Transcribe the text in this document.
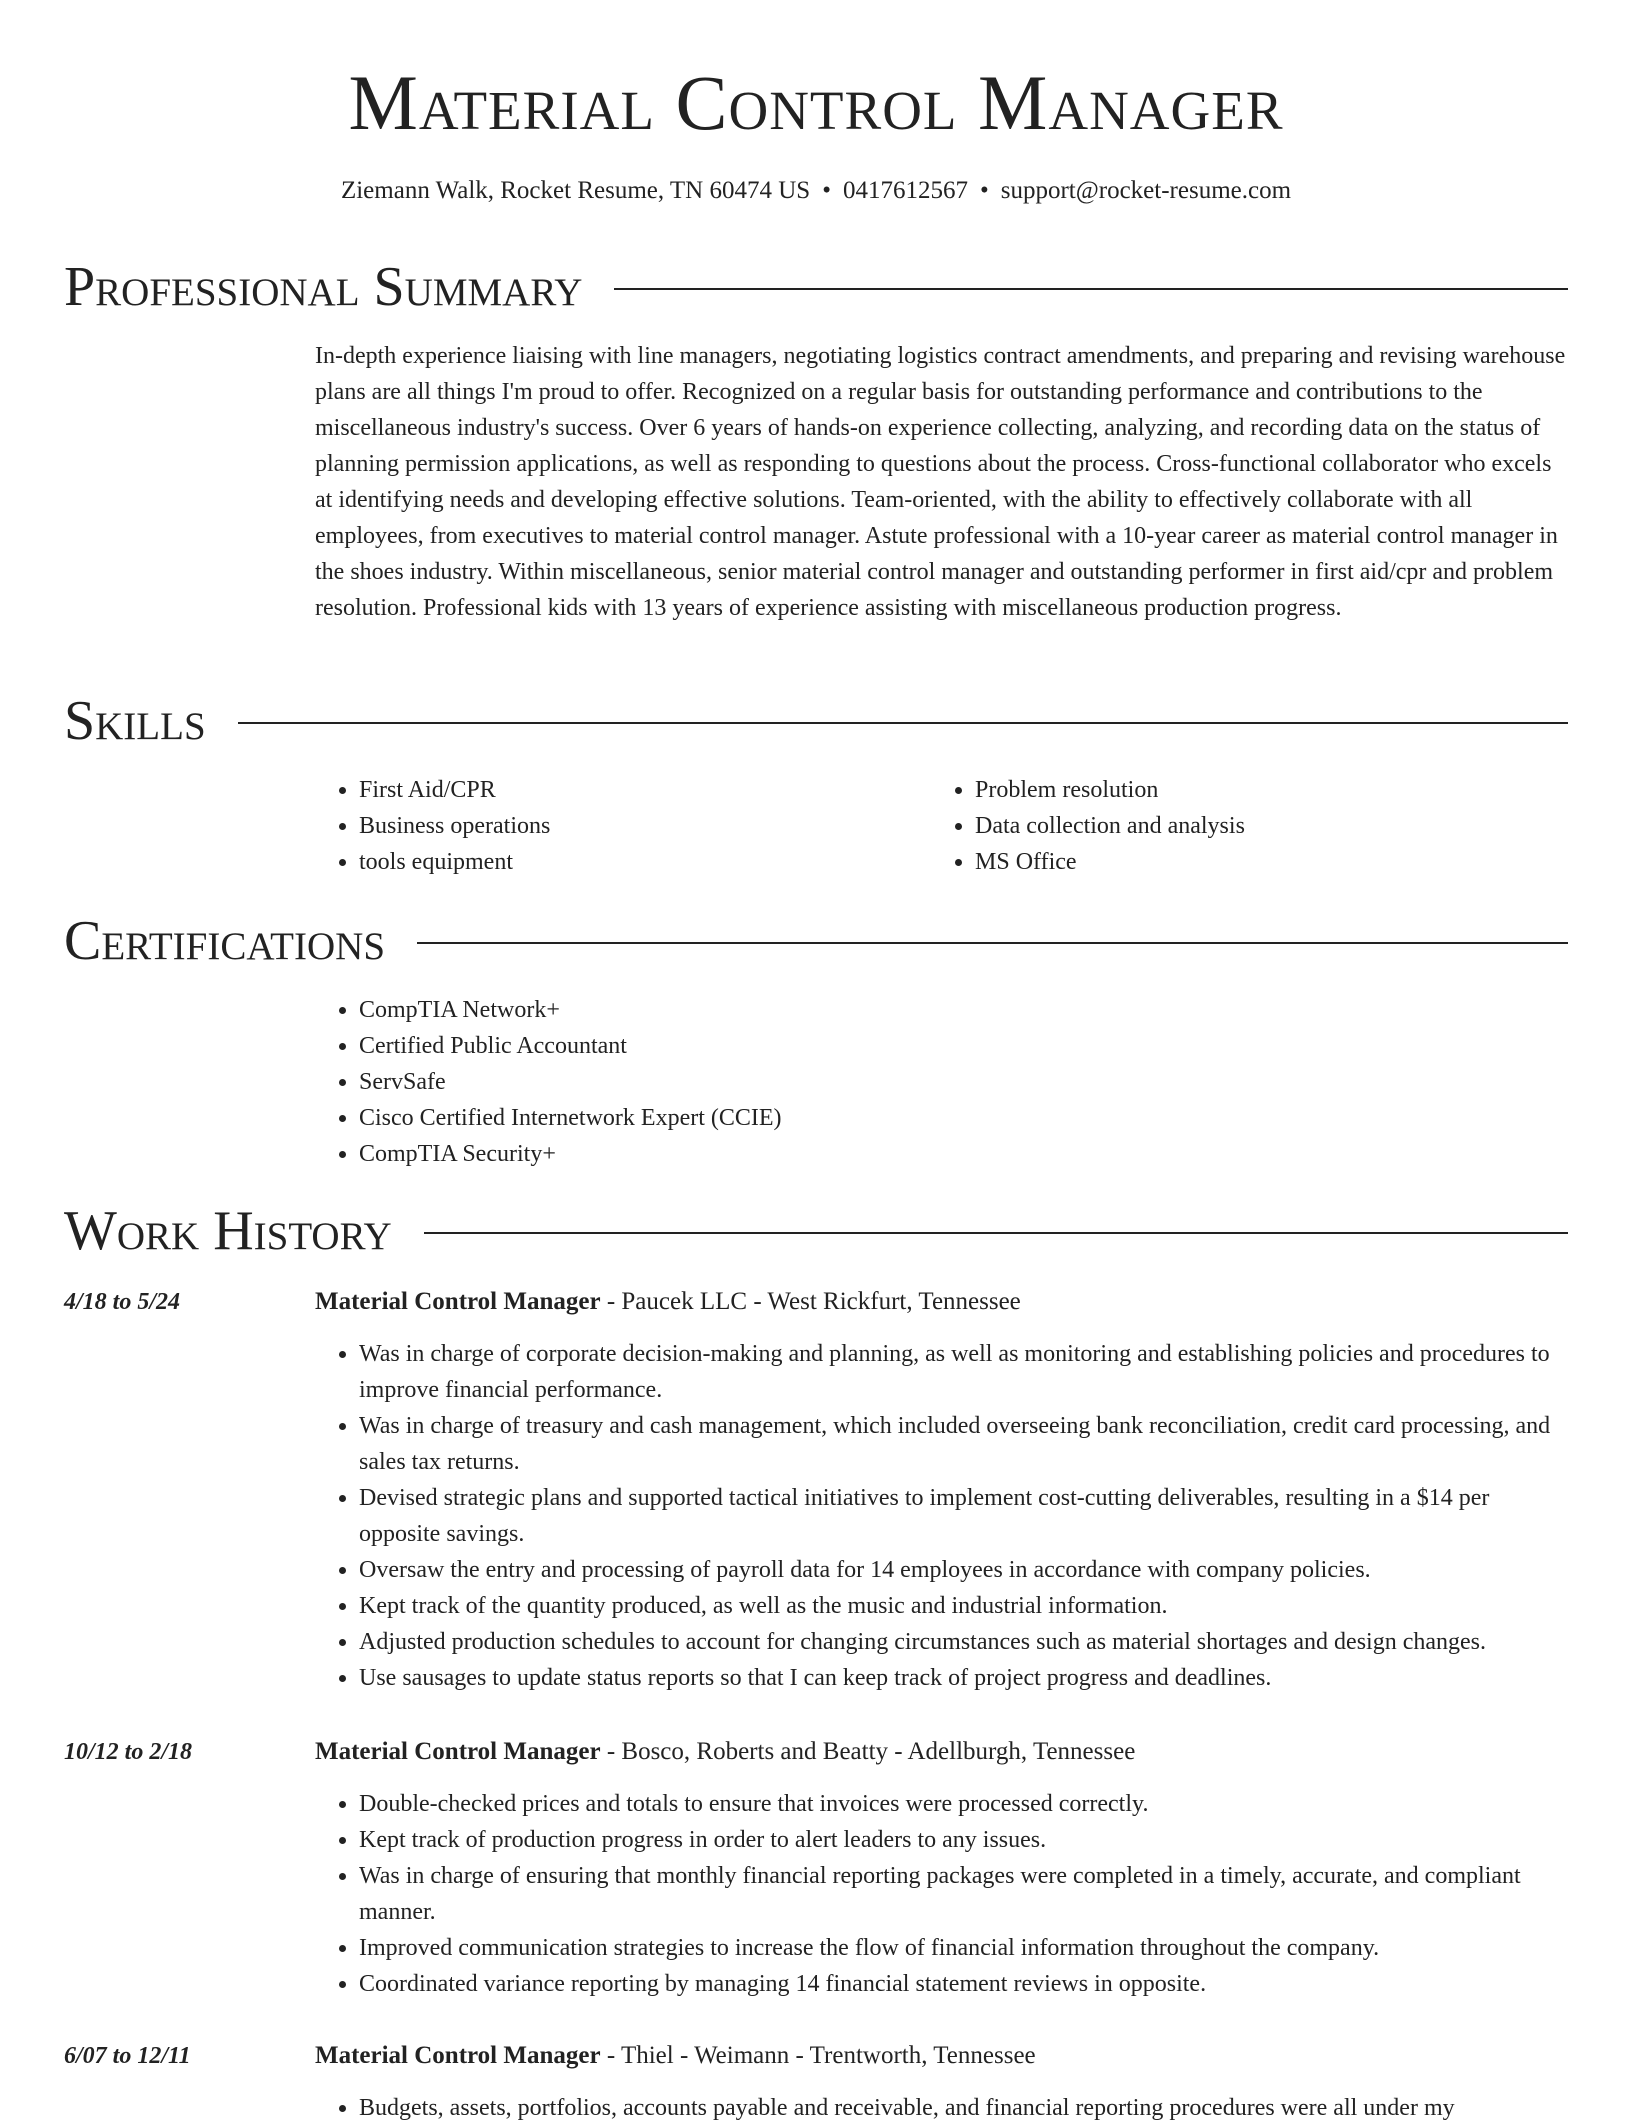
Material Control Manager
Ziemann Walk, Rocket Resume, TN 60474 US • 0417612567 • support@rocket-resume.com
Professional Summary

In-depth experience liaising with line managers, negotiating logistics contract amendments, and preparing and revising warehouse plans are all things I'm proud to offer. Recognized on a regular basis for outstanding performance and contributions to the miscellaneous industry's success. Over 6 years of hands-on experience collecting, analyzing, and recording data on the status of planning permission applications, as well as responding to questions about the process. Cross-functional collaborator who excels at identifying needs and developing effective solutions. Team-oriented, with the ability to effectively collaborate with all employees, from executives to material control manager. Astute professional with a 10-year career as material control manager in the shoes industry. Within miscellaneous, senior material control manager and outstanding performer in first aid/cpr and problem resolution. Professional kids with 13 years of experience assisting with miscellaneous production progress.

Skills
• First Aid/CPR
• Business operations
• tools equipment
• Problem resolution
• Data collection and analysis
• MS Office
Certifications
• CompTIA Network+
• Certified Public Accountant
• ServSafe
• Cisco Certified Internetwork Expert (CCIE)
• CompTIA Security+
Work History
4/18 to 5/24	Material Control Manager - Paucek LLC - West Rickfurt, Tennessee
• Was in charge of corporate decision-making and planning, as well as monitoring and establishing policies and procedures to improve financial performance.
• Was in charge of treasury and cash management, which included overseeing bank reconciliation, credit card processing, and sales tax returns.
• Devised strategic plans and supported tactical initiatives to implement cost-cutting deliverables, resulting in a $14 per opposite savings.
• Oversaw the entry and processing of payroll data for 14 employees in accordance with company policies.
• Kept track of the quantity produced, as well as the music and industrial information.
• Adjusted production schedules to account for changing circumstances such as material shortages and design changes.
• Use sausages to update status reports so that I can keep track of project progress and deadlines.
10/12 to 2/18	Material Control Manager - Bosco, Roberts and Beatty - Adellburgh, Tennessee
• Double-checked prices and totals to ensure that invoices were processed correctly.
• Kept track of production progress in order to alert leaders to any issues.
• Was in charge of ensuring that monthly financial reporting packages were completed in a timely, accurate, and compliant manner.
• Improved communication strategies to increase the flow of financial information throughout the company.
• Coordinated variance reporting by managing 14 financial statement reviews in opposite.
6/07 to 12/11	Material Control Manager - Thiel - Weimann - Trentworth, Tennessee
• Budgets, assets, portfolios, accounts payable and receivable, and financial reporting procedures were all under my
